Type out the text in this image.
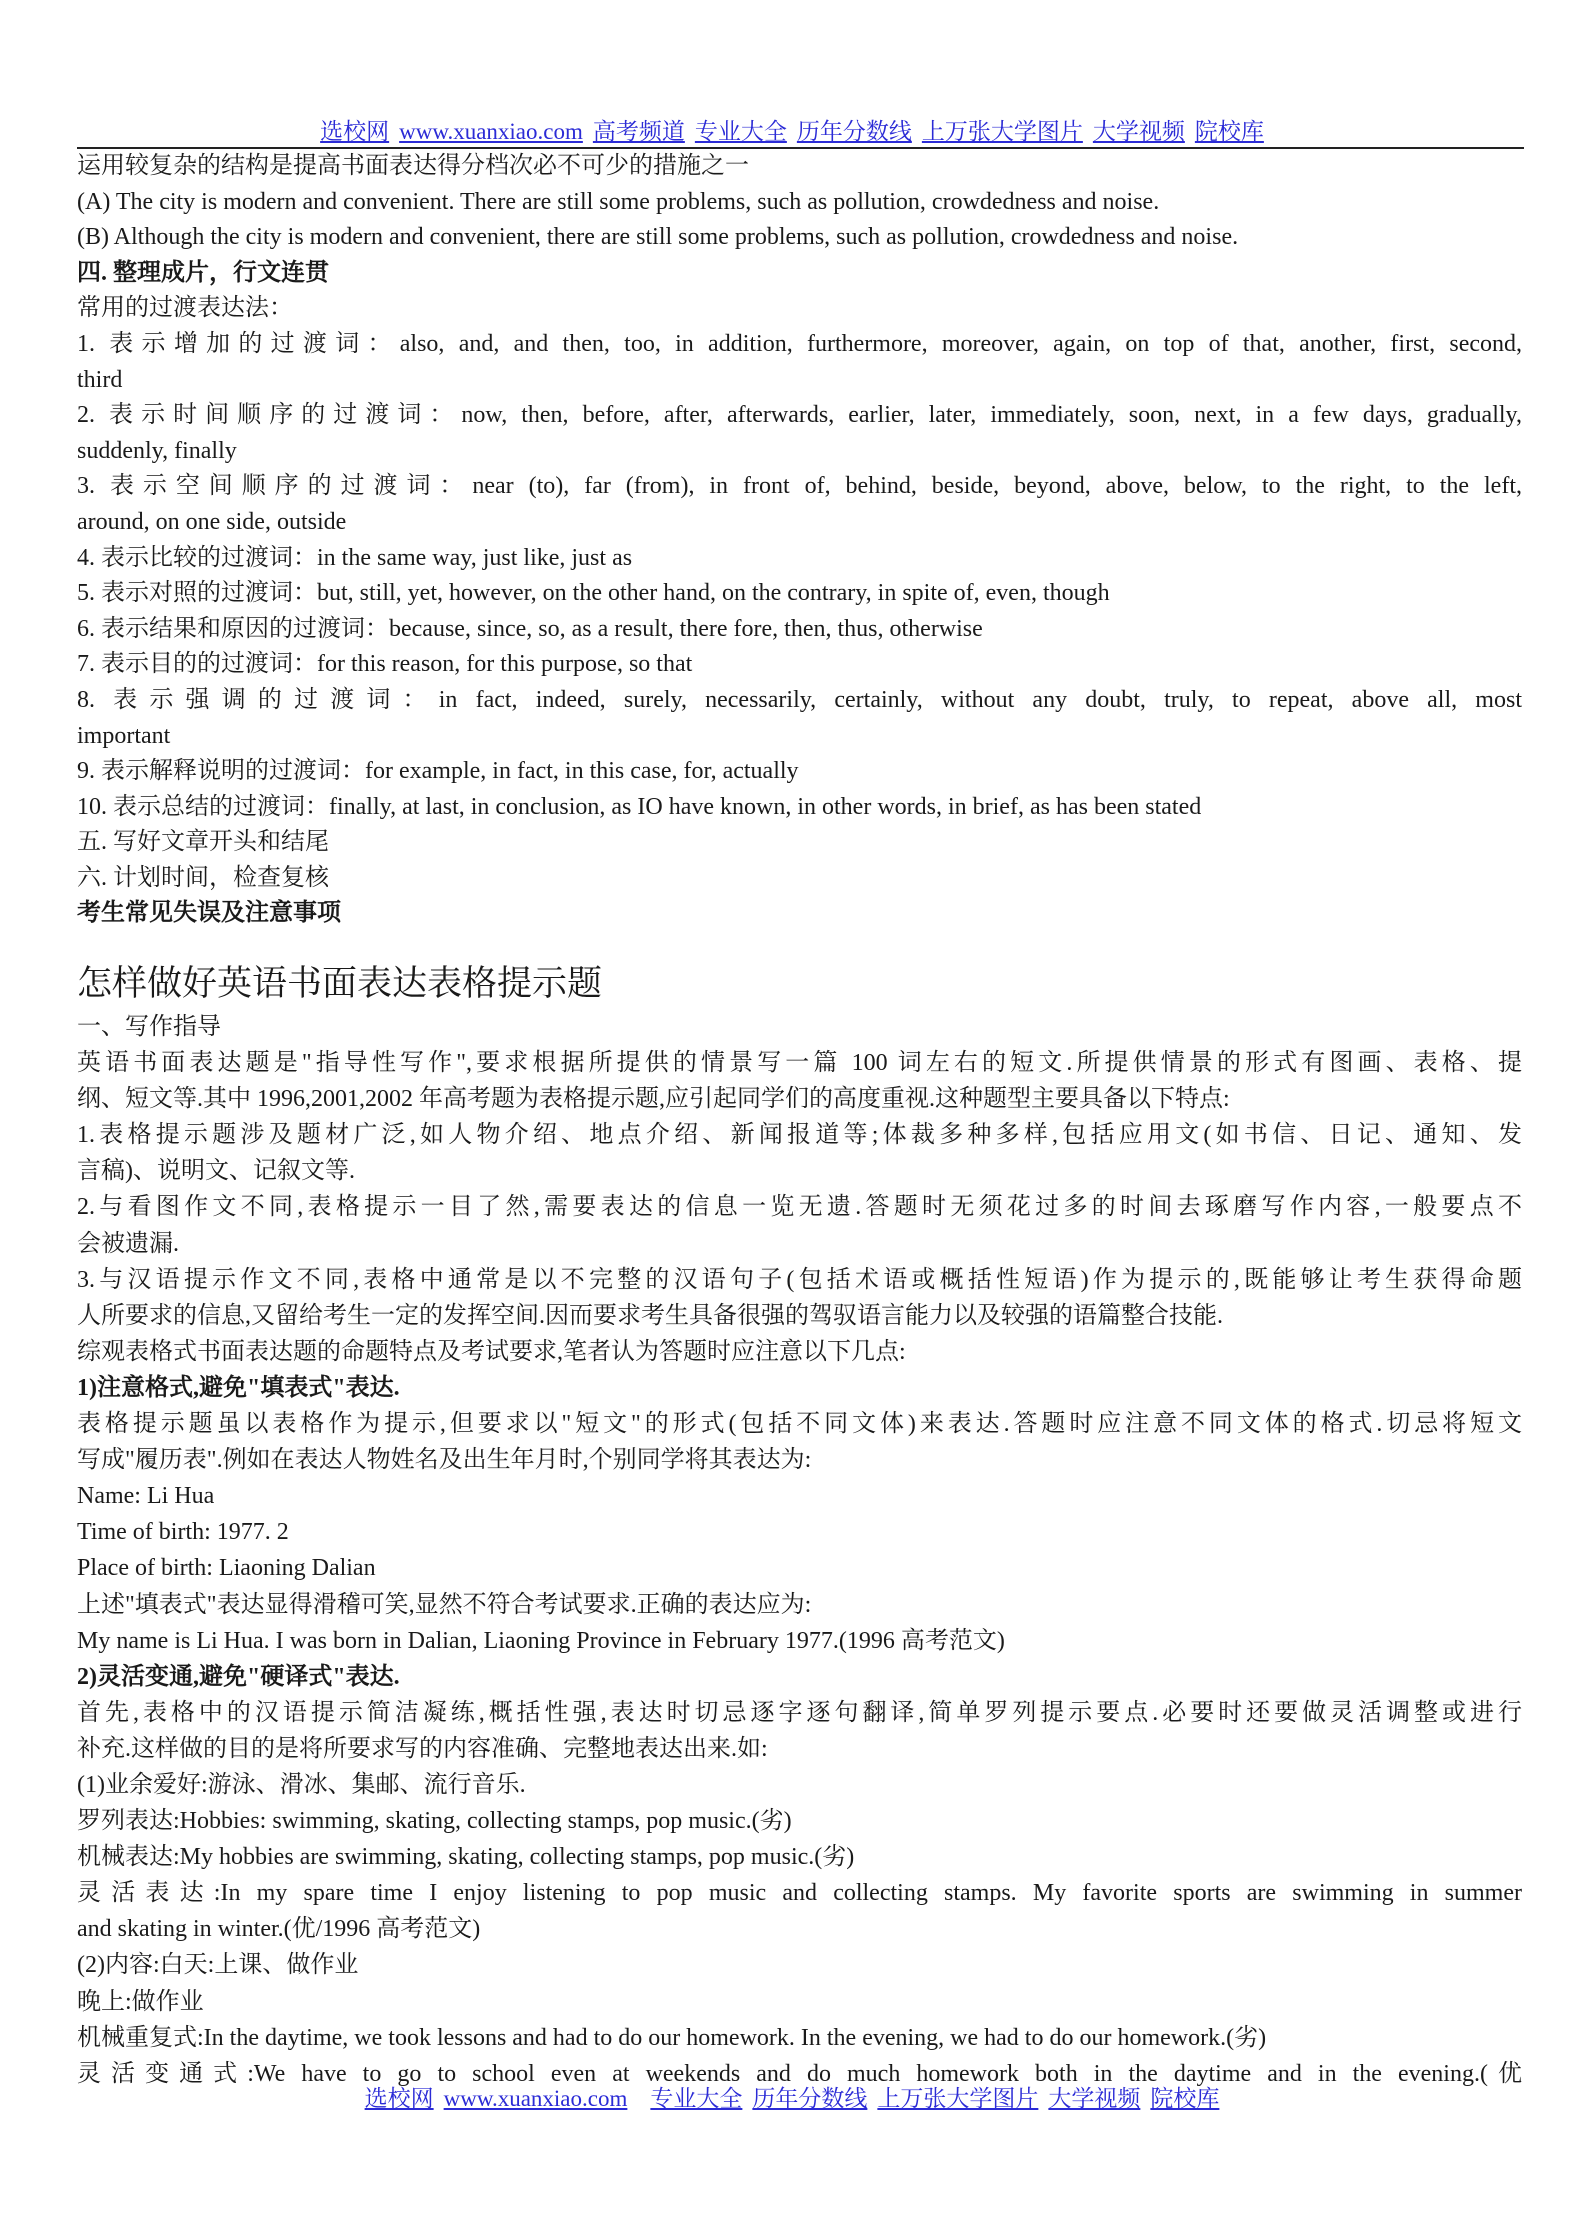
选校网 www.xuanxiao.com 高考频道 专业大全 历年分数线 上万张大学图片 大学视频 院校库
运用较复杂的结构是提高书面表达得分档次必不可少的措施之一
(A) The city is modern and convenient. There are still some problems, such as pollution, crowdedness and noise.
(B) Although the city is modern and convenient, there are still some problems, such as pollution, crowdedness and noise.
四. 整理成片，行文连贯
常用的过渡表达法：
1. 表示增加的过渡词：also, and, and then, too, in addition, furthermore, moreover, again, on top of that, another, first, second,
third
2. 表示时间顺序的过渡词：now, then, before, after, afterwards, earlier, later, immediately, soon, next, in a few days, gradually,
suddenly, finally
3. 表示空间顺序的过渡词：near (to), far (from), in front of, behind, beside, beyond, above, below, to the right, to the left,
around, on one side, outside
4. 表示比较的过渡词：in the same way, just like, just as
5. 表示对照的过渡词：but, still, yet, however, on the other hand, on the contrary, in spite of, even, though
6. 表示结果和原因的过渡词：because, since, so, as a result, there fore, then, thus, otherwise
7. 表示目的的过渡词：for this reason, for this purpose, so that
8. 表示强调的过渡词：in fact, indeed, surely, necessarily, certainly, without any doubt, truly, to repeat, above all, most
important
9. 表示解释说明的过渡词：for example, in fact, in this case, for, actually
10. 表示总结的过渡词：finally, at last, in conclusion, as IO have known, in other words, in brief, as has been stated
五. 写好文章开头和结尾
六. 计划时间，检查复核
考生常见失误及注意事项
怎样做好英语书面表达表格提示题
一、写作指导
英语书面表达题是"指导性写作",要求根据所提供的情景写一篇 100 词左右的短文.所提供情景的形式有图画、表格、提
纲、短文等.其中 1996,2001,2002 年高考题为表格提示题,应引起同学们的高度重视.这种题型主要具备以下特点:
1.表格提示题涉及题材广泛,如人物介绍、地点介绍、新闻报道等;体裁多种多样,包括应用文(如书信、日记、通知、发
言稿)、说明文、记叙文等.
2.与看图作文不同,表格提示一目了然,需要表达的信息一览无遗.答题时无须花过多的时间去琢磨写作内容,一般要点不
会被遗漏.
3.与汉语提示作文不同,表格中通常是以不完整的汉语句子(包括术语或概括性短语)作为提示的,既能够让考生获得命题
人所要求的信息,又留给考生一定的发挥空间.因而要求考生具备很强的驾驭语言能力以及较强的语篇整合技能.
综观表格式书面表达题的命题特点及考试要求,笔者认为答题时应注意以下几点:
1)注意格式,避免"填表式"表达.
表格提示题虽以表格作为提示,但要求以"短文"的形式(包括不同文体)来表达.答题时应注意不同文体的格式.切忌将短文
写成"履历表".例如在表达人物姓名及出生年月时,个别同学将其表达为:
Name: Li Hua
Time of birth: 1977. 2
Place of birth: Liaoning Dalian
上述"填表式"表达显得滑稽可笑,显然不符合考试要求.正确的表达应为:
My name is Li Hua. I was born in Dalian, Liaoning Province in February 1977.(1996 高考范文)
2)灵活变通,避免"硬译式"表达.
首先,表格中的汉语提示简洁凝练,概括性强,表达时切忌逐字逐句翻译,简单罗列提示要点.必要时还要做灵活调整或进行
补充.这样做的目的是将所要求写的内容准确、完整地表达出来.如:
(1)业余爱好:游泳、滑冰、集邮、流行音乐.
罗列表达:Hobbies: swimming, skating, collecting stamps, pop music.(劣)
机械表达:My hobbies are swimming, skating, collecting stamps, pop music.(劣)
灵活表达:In my spare time I enjoy listening to pop music and collecting stamps. My favorite sports are swimming in summer
and skating in winter.(优/1996 高考范文)
(2)内容:白天:上课、做作业
晚上:做作业
机械重复式:In the daytime, we took lessons and had to do our homework. In the evening, we had to do our homework.(劣)
灵活变通式:We have to go to school even at weekends and do much homework both in the daytime and in the evening.(优
选校网 www.xuanxiao.com 专业大全 历年分数线 上万张大学图片 大学视频 院校库
